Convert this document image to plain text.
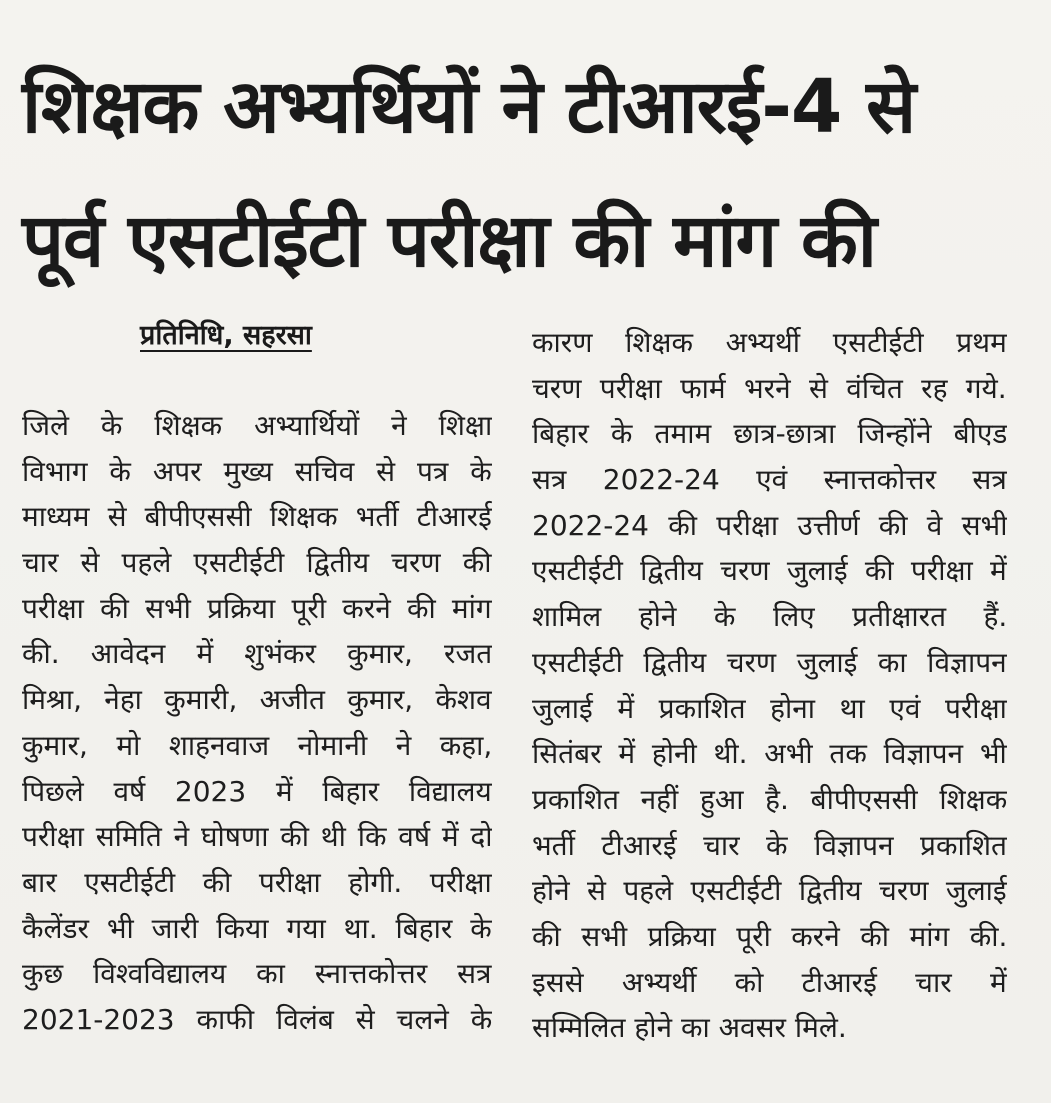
शिक्षक अभ्यर्थियों ने टीआरई-4 से
पूर्व एसटीईटी परीक्षा की मांग की
प्रतिनिधि, सहरसा
जिले के शिक्षक अभ्यार्थियों ने शिक्षा
विभाग के अपर मुख्य सचिव से पत्र के
माध्यम से बीपीएससी शिक्षक भर्ती टीआरई
चार से पहले एसटीईटी द्वितीय चरण की
परीक्षा की सभी प्रक्रिया पूरी करने की मांग
की. आवेदन में शुभंकर कुमार, रजत
मिश्रा, नेहा कुमारी, अजीत कुमार, केशव
कुमार, मो शाहनवाज नोमानी ने कहा,
पिछले वर्ष 2023 में बिहार विद्यालय
परीक्षा समिति ने घोषणा की थी कि वर्ष में दो
बार एसटीईटी की परीक्षा होगी. परीक्षा
कैलेंडर भी जारी किया गया था. बिहार के
कुछ विश्वविद्यालय का स्नात्तकोत्तर सत्र
2021-2023 काफी विलंब से चलने के
कारण शिक्षक अभ्यर्थी एसटीईटी प्रथम
चरण परीक्षा फार्म भरने से वंचित रह गये.
बिहार के तमाम छात्र-छात्रा जिन्होंने बीएड
सत्र 2022-24 एवं स्नात्तकोत्तर सत्र
2022-24 की परीक्षा उत्तीर्ण की वे सभी
एसटीईटी द्वितीय चरण जुलाई की परीक्षा में
शामिल होने के लिए प्रतीक्षारत हैं.
एसटीईटी द्वितीय चरण जुलाई का विज्ञापन
जुलाई में प्रकाशित होना था एवं परीक्षा
सितंबर में होनी थी. अभी तक विज्ञापन भी
प्रकाशित नहीं हुआ है. बीपीएससी शिक्षक
भर्ती टीआरई चार के विज्ञापन प्रकाशित
होने से पहले एसटीईटी द्वितीय चरण जुलाई
की सभी प्रक्रिया पूरी करने की मांग की.
इससे अभ्यर्थी को टीआरई चार में
सम्मिलित होने का अवसर मिले.
